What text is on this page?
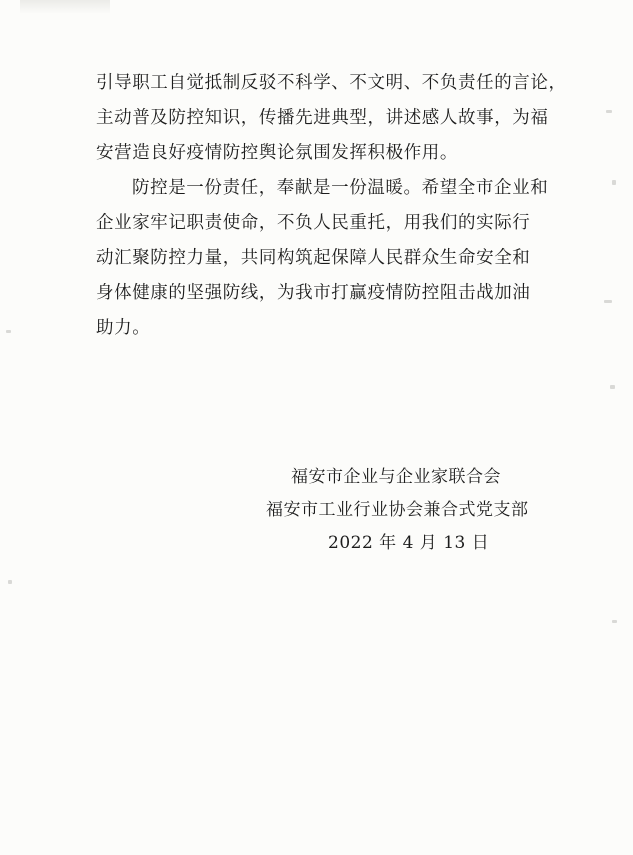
引导职工自觉抵制反驳不科学、不文明、不负责任的言论，
主动普及防控知识，传播先进典型，讲述感人故事，为福
安营造良好疫情防控舆论氛围发挥积极作用。
防控是一份责任，奉献是一份温暖。希望全市企业和
企业家牢记职责使命，不负人民重托，用我们的实际行
动汇聚防控力量，共同构筑起保障人民群众生命安全和
身体健康的坚强防线，为我市打赢疫情防控阻击战加油
助力。
福安市企业与企业家联合会
福安市工业行业协会兼合式党支部
2022 年 4 月 13 日
